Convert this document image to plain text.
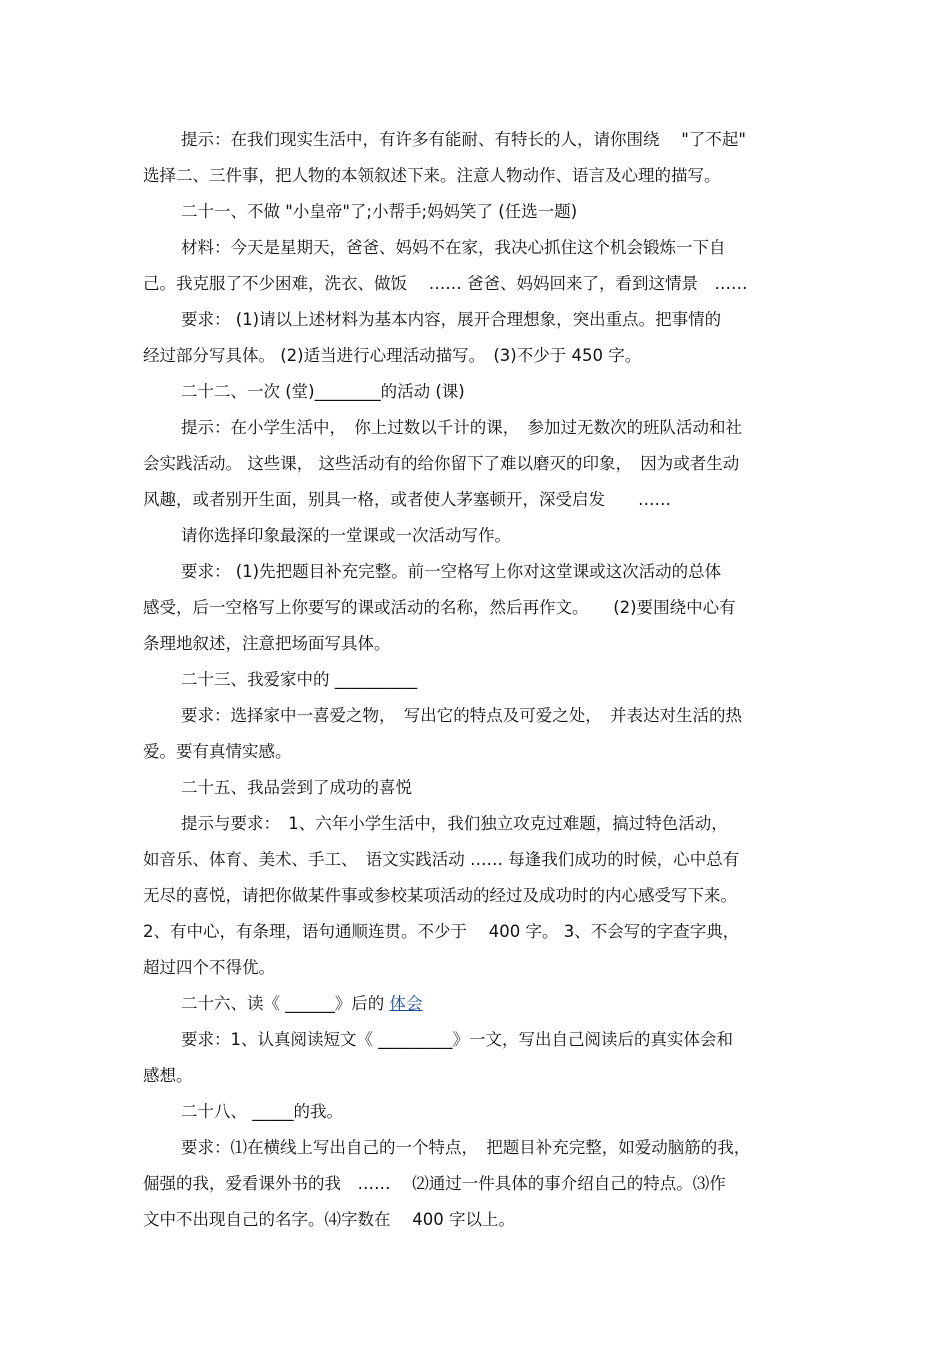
提示：在我们现实生活中，有许多有能耐、有特长的人，请你围绕　 "了不起"
选择二、三件事，把人物的本领叙述下来。注意人物动作、语言及心理的描写。
二十一、不做 "小皇帝"了;小帮手;妈妈笑了 (任选一题)
材料：今天是星期天，爸爸、妈妈不在家，我决心抓住这个机会锻炼一下自
己。我克服了不少困难，洗衣、做饭　 …… 爸爸、妈妈回来了，看到这情景　……
要求： (1)请以上述材料为基本内容，展开合理想象，突出重点。把事情的
经过部分写具体。 (2)适当进行心理活动描写。　(3)不少于 450 字。
二十二、一次 (堂)________的活动 (课)
提示：在小学生活中，　你上过数以千计的课，　参加过无数次的班队活动和社
会实践活动。 这些课， 这些活动有的给你留下了难以磨灭的印象，　因为或者生动
风趣，或者别开生面，别具一格，或者使人茅塞顿开，深受启发　　……
请你选择印象最深的一堂课或一次活动写作。
要求： (1)先把题目补充完整。前一空格写上你对这堂课或这次活动的总体
感受，后一空格写上你要写的课或活动的名称，然后再作文。　　(2)要围绕中心有
条理地叙述，注意把场面写具体。
二十三、我爱家中的 __________
要求：选择家中一喜爱之物，　写出它的特点及可爱之处，　并表达对生活的热
爱。要有真情实感。
二十五、我品尝到了成功的喜悦
提示与要求：　1、六年小学生活中，我们独立攻克过难题，搞过特色活动，
如音乐、体育、美术、手工、　语文实践活动 …… 每逢我们成功的时候，心中总有
无尽的喜悦，请把你做某件事或参校某项活动的经过及成功时的内心感受写下来。
2、有中心，有条理，语句通顺连贯。不少于　 400 字。 3、不会写的字查字典，
超过四个不得优。
二十六、读《 ______》后的 体会
要求：1、认真阅读短文《 _________》一文，写出自己阅读后的真实体会和
感想。
二十八、 _____的我。
要求：⑴在横线上写出自己的一个特点，　把题目补充完整，如爱动脑筋的我，
倔强的我，爱看课外书的我　……　 ⑵通过一件具体的事介绍自己的特点。⑶作
文中不出现自己的名字。⑷字数在　 400 字以上。
